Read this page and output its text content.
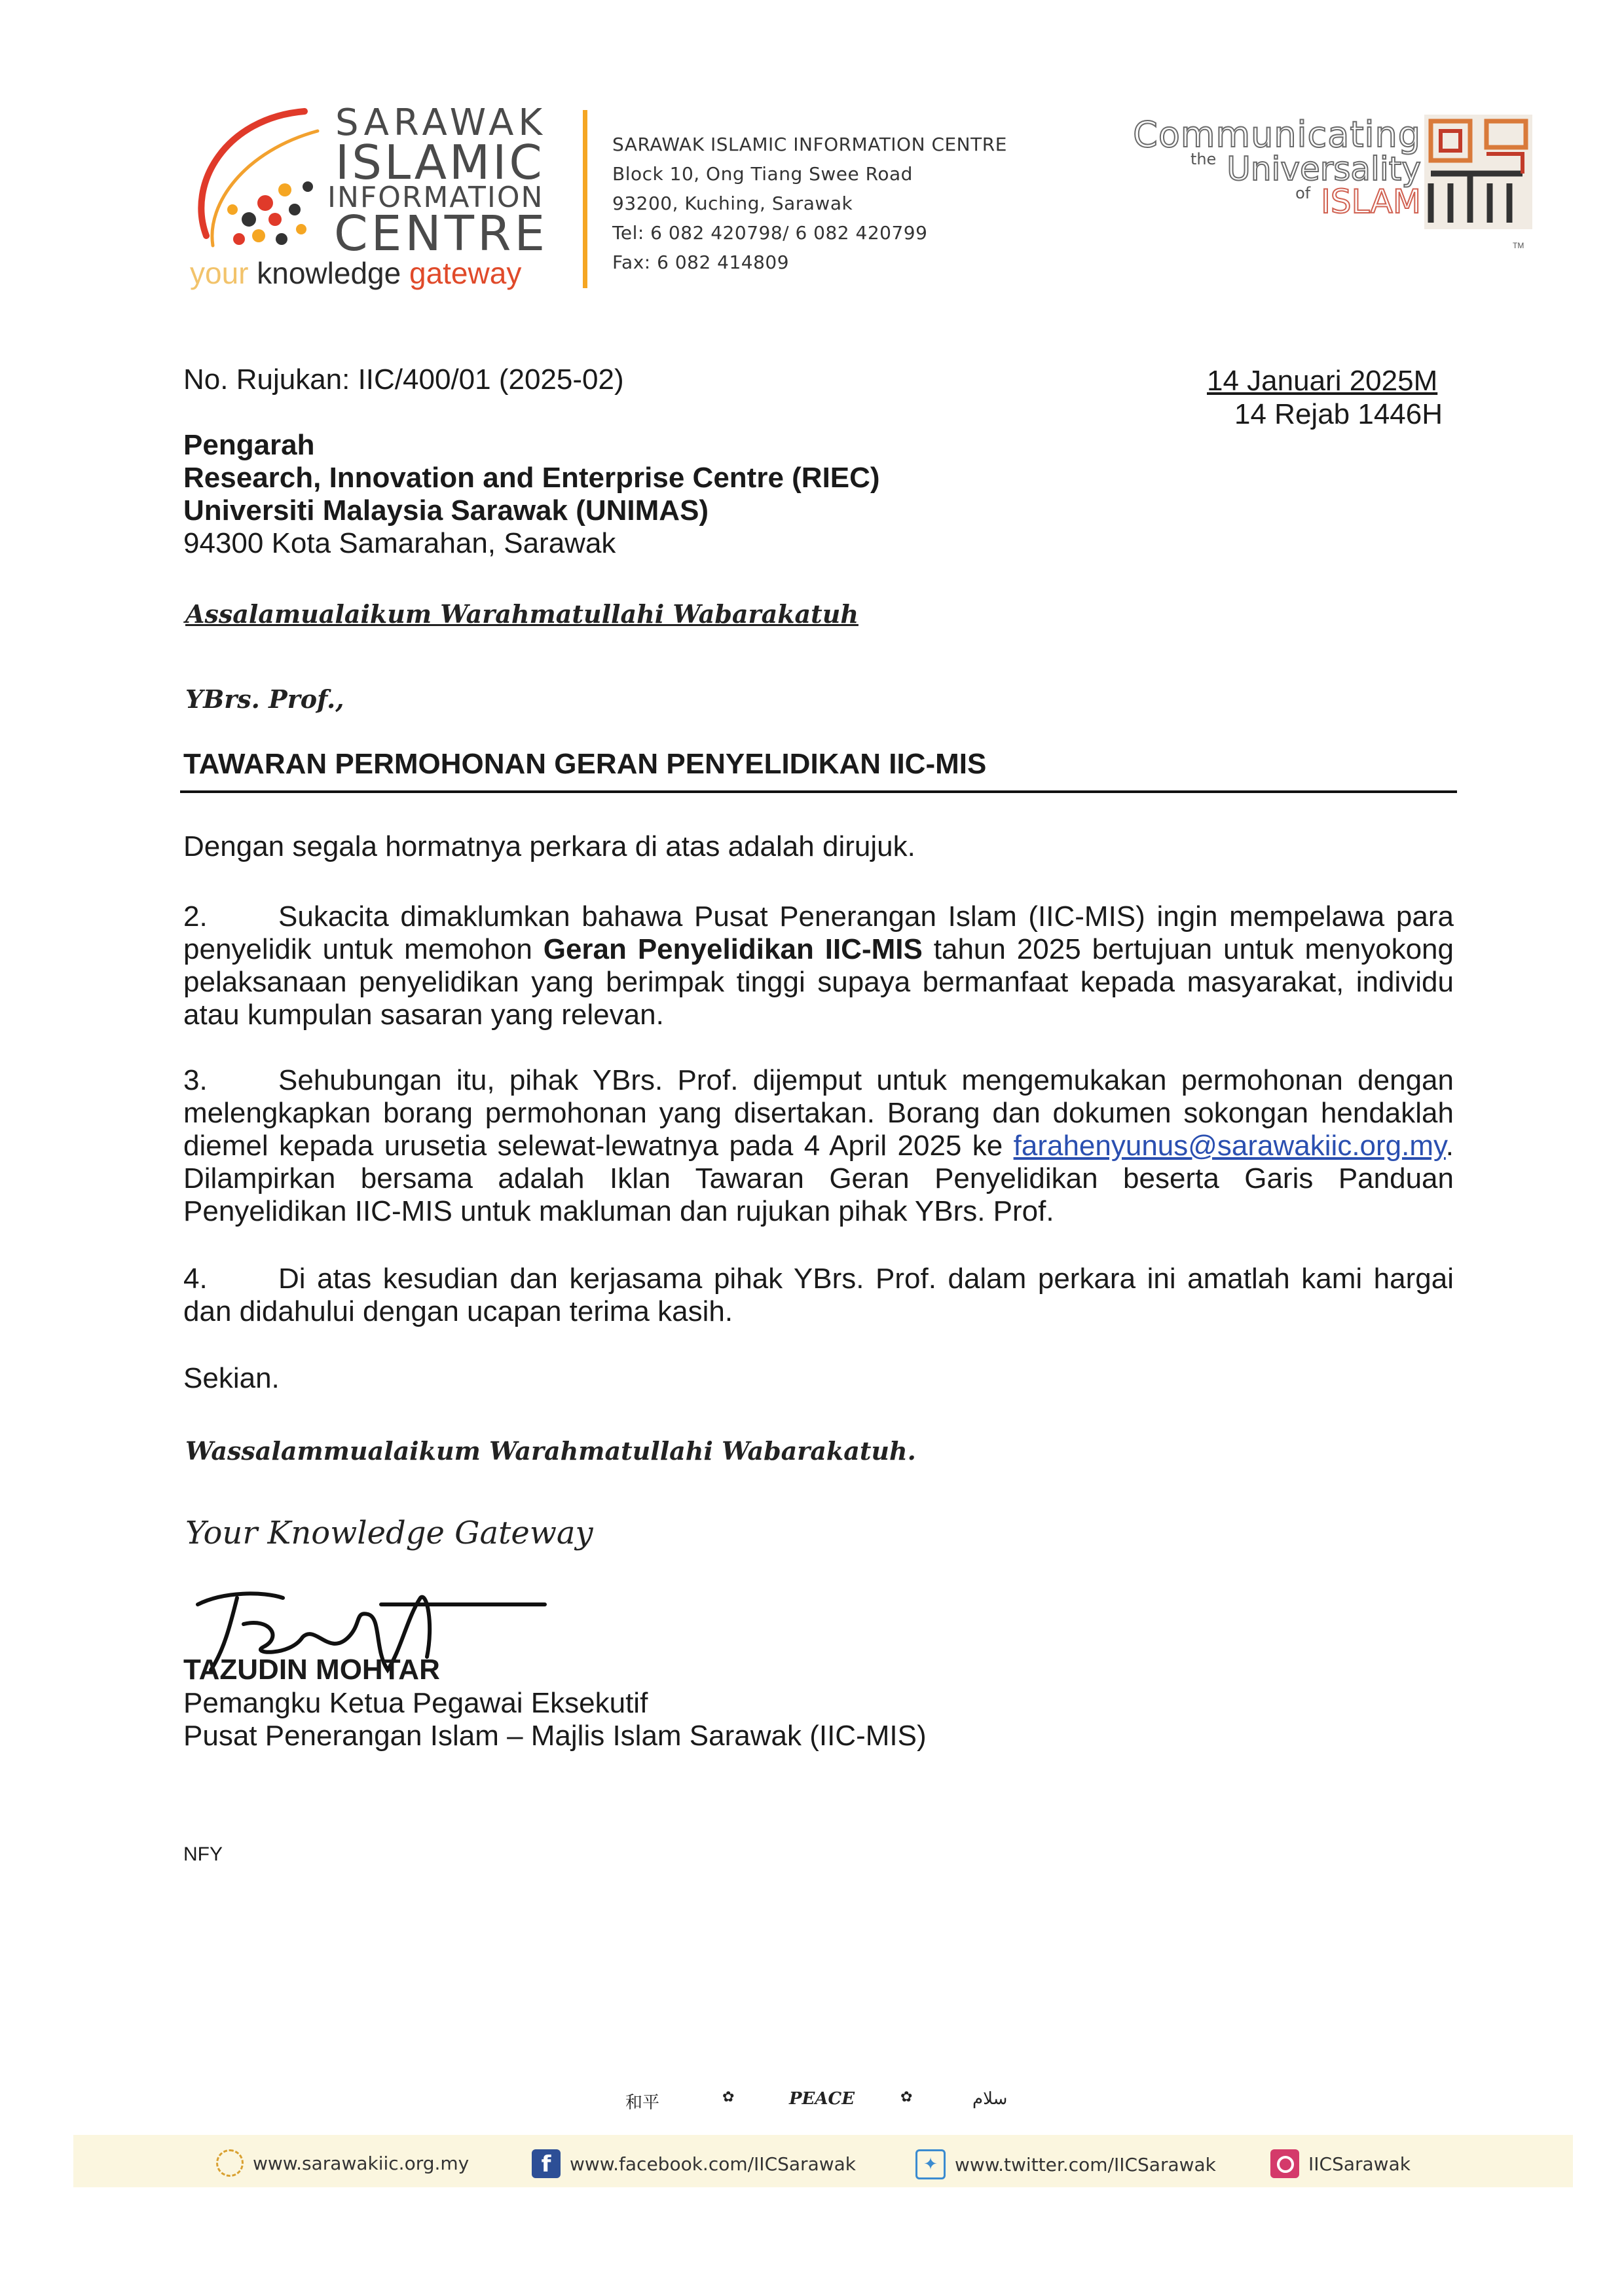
SARAWAK
ISLAMIC
INFORMATION
CENTRE
your knowledge gateway
SARAWAK ISLAMIC INFORMATION CENTRE
Block 10, Ong Tiang Swee Road
93200, Kuching, Sarawak
Tel: 6 082 420798/ 6 082 420799
Fax: 6 082 414809
Communicating
$^{the}$ Universality
$^{of}$ ISLAM
TM
No. Rujukan: IIC/400/01 (2025-02)	14 Januari 2025M
14 Rejab 1446H
Pengarah
Research, Innovation and Enterprise Centre (RIEC)
Universiti Malaysia Sarawak (UNIMAS)
94300 Kota Samarahan, Sarawak
Assalamualaikum Warahmatullahi Wabarakatuh
YBrs. Prof.,
TAWARAN PERMOHONAN GERAN PENYELIDIKAN IIC-MIS
Dengan segala hormatnya perkara di atas adalah dirujuk.
2. Sukacita dimaklumkan bahawa Pusat Penerangan Islam (IIC-MIS) ingin mempelawa para penyelidik untuk memohon Geran Penyelidikan IIC-MIS tahun 2025 bertujuan untuk menyokong pelaksanaan penyelidikan yang berimpak tinggi supaya bermanfaat kepada masyarakat, individu atau kumpulan sasaran yang relevan.
3. Sehubungan itu, pihak YBrs. Prof. dijemput untuk mengemukakan permohonan dengan melengkapkan borang permohonan yang disertakan. Borang dan dokumen sokongan hendaklah diemel kepada urusetia selewat-lewatnya pada 4 April 2025 ke farahenyunus@sarawakiic.org.my. Dilampirkan bersama adalah Iklan Tawaran Geran Penyelidikan beserta Garis Panduan Penyelidikan IIC-MIS untuk makluman dan rujukan pihak YBrs. Prof.
4. Di atas kesudian dan kerjasama pihak YBrs. Prof. dalam perkara ini amatlah kami hargai dan didahului dengan ucapan terima kasih.
Sekian.
Wassalammualaikum Warahmatullahi Wabarakatuh.
Your Knowledge Gateway
TAZUDIN MOHTAR
Pemangku Ketua Pegawai Eksekutif
Pusat Penerangan Islam – Majlis Islam Sarawak (IIC-MIS)
NFY
和平	✿	PEACE	✿	سلام
www.sarawakiic.org.my	f	www.facebook.com/IICSarawak	✦ www.twitter.com/IICSarawak	IICSarawak
